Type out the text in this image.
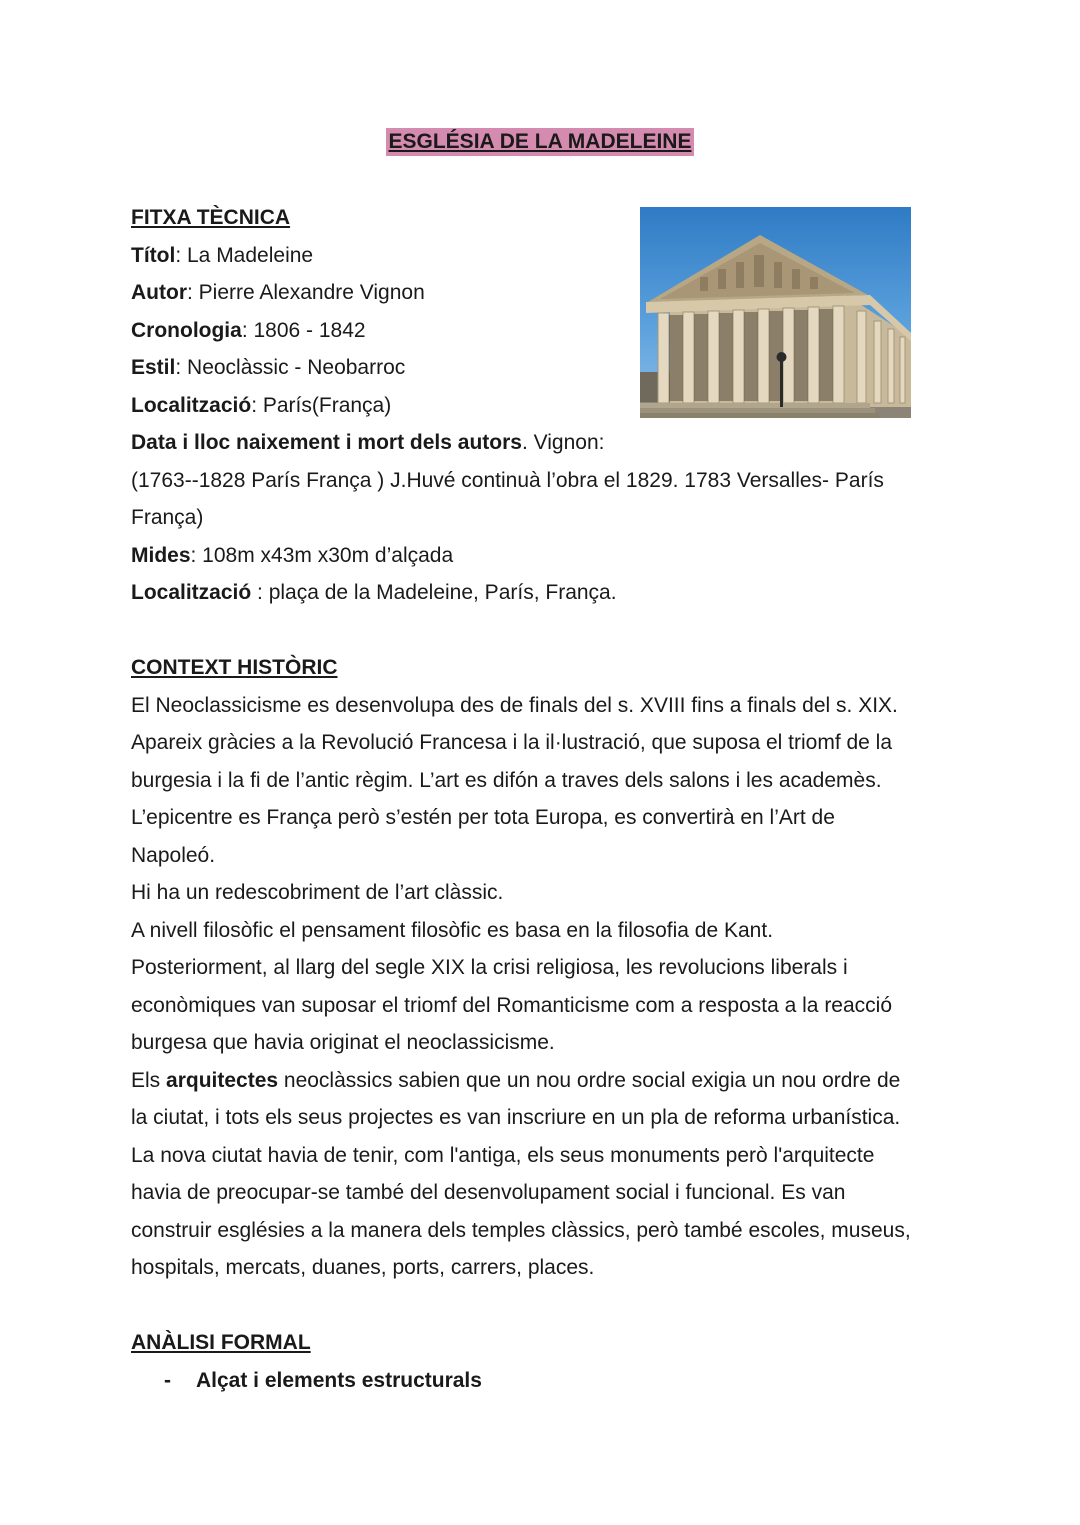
ESGLÉSIA DE LA MADELEINE

FITXA TÈCNICA

Títol: La Madeleine

Autor: Pierre Alexandre Vignon

Cronologia: 1806 - 1842

Estil: Neoclàssic - Neobarroc

Localització: París(França)

Data i lloc naixement i mort dels autors. Vignon:

(1763--1828 París França ) J.Huvé continuà l’obra el 1829. 1783 Versalles- París

França)

Mides: 108m x43m x30m d’alçada

Localització : plaça de la Madeleine, París, França.

CONTEXT HISTÒRIC

El Neoclassicisme es desenvolupa des de finals del s. XVIII fins a finals del s. XIX.

Apareix gràcies a la Revolució Francesa i la il·lustració, que suposa el triomf de la

burgesia i la fi de l’antic règim. L’art es difón a traves dels salons i les academès.

L’epicentre es França però s’estén per tota Europa, es convertirà en l’Art de

Napoleó.

Hi ha un redescobriment de l’art clàssic.

A nivell filosòfic el pensament filosòfic es basa en la filosofia de Kant.

Posteriorment, al llarg del segle XIX la crisi religiosa, les revolucions liberals i

econòmiques van suposar el triomf del Romanticisme com a resposta a la reacció

burgesa que havia originat el neoclassicisme.

Els arquitectes neoclàssics sabien que un nou ordre social exigia un nou ordre de

la ciutat, i tots els seus projectes es van inscriure en un pla de reforma urbanística.

La nova ciutat havia de tenir, com l'antiga, els seus monuments però l'arquitecte

havia de preocupar-se també del desenvolupament social i funcional. Es van

construir esglésies a la manera dels temples clàssics, però també escoles, museus,

hospitals, mercats, duanes, ports, carrers, places.

ANÀLISI FORMAL

- Alçat i elements estructurals
